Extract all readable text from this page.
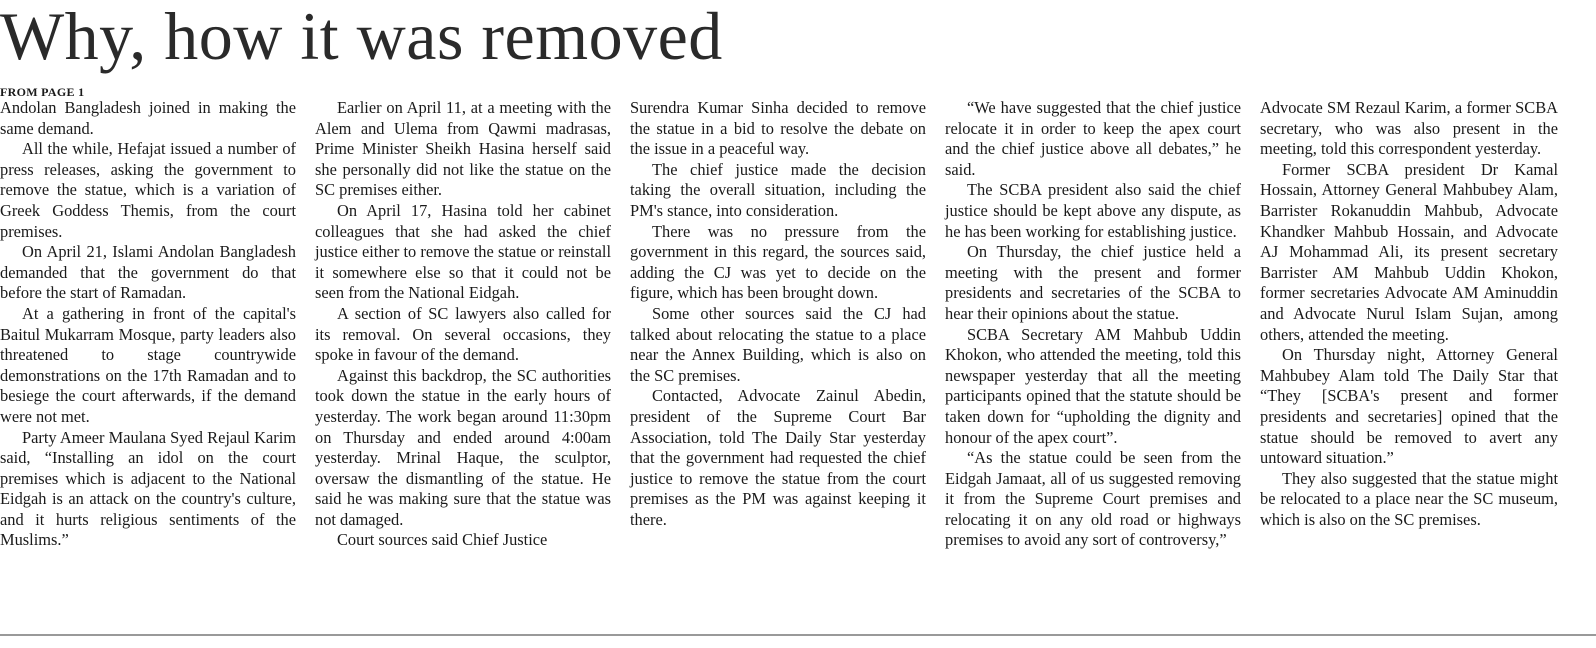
Why, how it was removed
FROM PAGE 1

Andolan Bangladesh joined in making the same demand.

All the while, Hefajat issued a number of press releases, asking the government to remove the statue, which is a variation of Greek Goddess Themis, from the court premises.

On April 21, Islami Andolan Bangladesh demanded that the government do that before the start of Ramadan.

At a gathering in front of the capital's Baitul Mukarram Mosque, party leaders also threatened to stage countrywide demonstrations on the 17th Ramadan and to besiege the court afterwards, if the demand were not met.

Party Ameer Maulana Syed Rejaul Karim said, “Installing an idol on the court premises which is adjacent to the National Eidgah is an attack on the country's culture, and it hurts religious sentiments of the Muslims.”

Earlier on April 11, at a meeting with the Alem and Ulema from Qawmi madrasas, Prime Minister Sheikh Hasina herself said she personally did not like the statue on the SC premises either.

On April 17, Hasina told her cabinet colleagues that she had asked the chief justice either to remove the statue or reinstall it somewhere else so that it could not be seen from the National Eidgah.

A section of SC lawyers also called for its removal. On several occasions, they spoke in favour of the demand.

Against this backdrop, the SC authorities took down the statue in the early hours of yesterday. The work began around 11:30pm on Thursday and ended around 4:00am yesterday. Mrinal Haque, the sculptor, oversaw the dismantling of the statue. He said he was making sure that the statue was not damaged.

Court sources said Chief Justice

Surendra Kumar Sinha decided to remove the statue in a bid to resolve the debate on the issue in a peaceful way.

The chief justice made the decision taking the overall situation, including the PM's stance, into consideration.

There was no pressure from the government in this regard, the sources said, adding the CJ was yet to decide on the figure, which has been brought down.

Some other sources said the CJ had talked about relocating the statue to a place near the Annex Building, which is also on the SC premises.

Contacted, Advocate Zainul Abedin, president of the Supreme Court Bar Association, told The Daily Star yesterday that the government had requested the chief justice to remove the statue from the court premises as the PM was against keeping it there.

“We have suggested that the chief justice relocate it in order to keep the apex court and the chief justice above all debates,” he said.

The SCBA president also said the chief justice should be kept above any dispute, as he has been working for establishing justice.

On Thursday, the chief justice held a meeting with the present and former presidents and secretaries of the SCBA to hear their opinions about the statue.

SCBA Secretary AM Mahbub Uddin Khokon, who attended the meeting, told this newspaper yesterday that all the meeting participants opined that the statute should be taken down for “upholding the dignity and honour of the apex court”.

“As the statue could be seen from the Eidgah Jamaat, all of us suggested removing it from the Supreme Court premises and relocating it on any old road or highways premises to avoid any sort of controversy,”

Advocate SM Rezaul Karim, a former SCBA secretary, who was also present in the meeting, told this correspondent yesterday.

Former SCBA president Dr Kamal Hossain, Attorney General Mahbubey Alam, Barrister Rokanuddin Mahbub, Advocate Khandker Mahbub Hossain, and Advocate AJ Mohammad Ali, its present secretary Barrister AM Mahbub Uddin Khokon, former secretaries Advocate AM Aminuddin and Advocate Nurul Islam Sujan, among others, attended the meeting.

On Thursday night, Attorney General Mahbubey Alam told The Daily Star that “They [SCBA's present and former presidents and secretaries] opined that the statue should be removed to avert any untoward situation.”

They also suggested that the statue might be relocated to a place near the SC museum, which is also on the SC premises.
